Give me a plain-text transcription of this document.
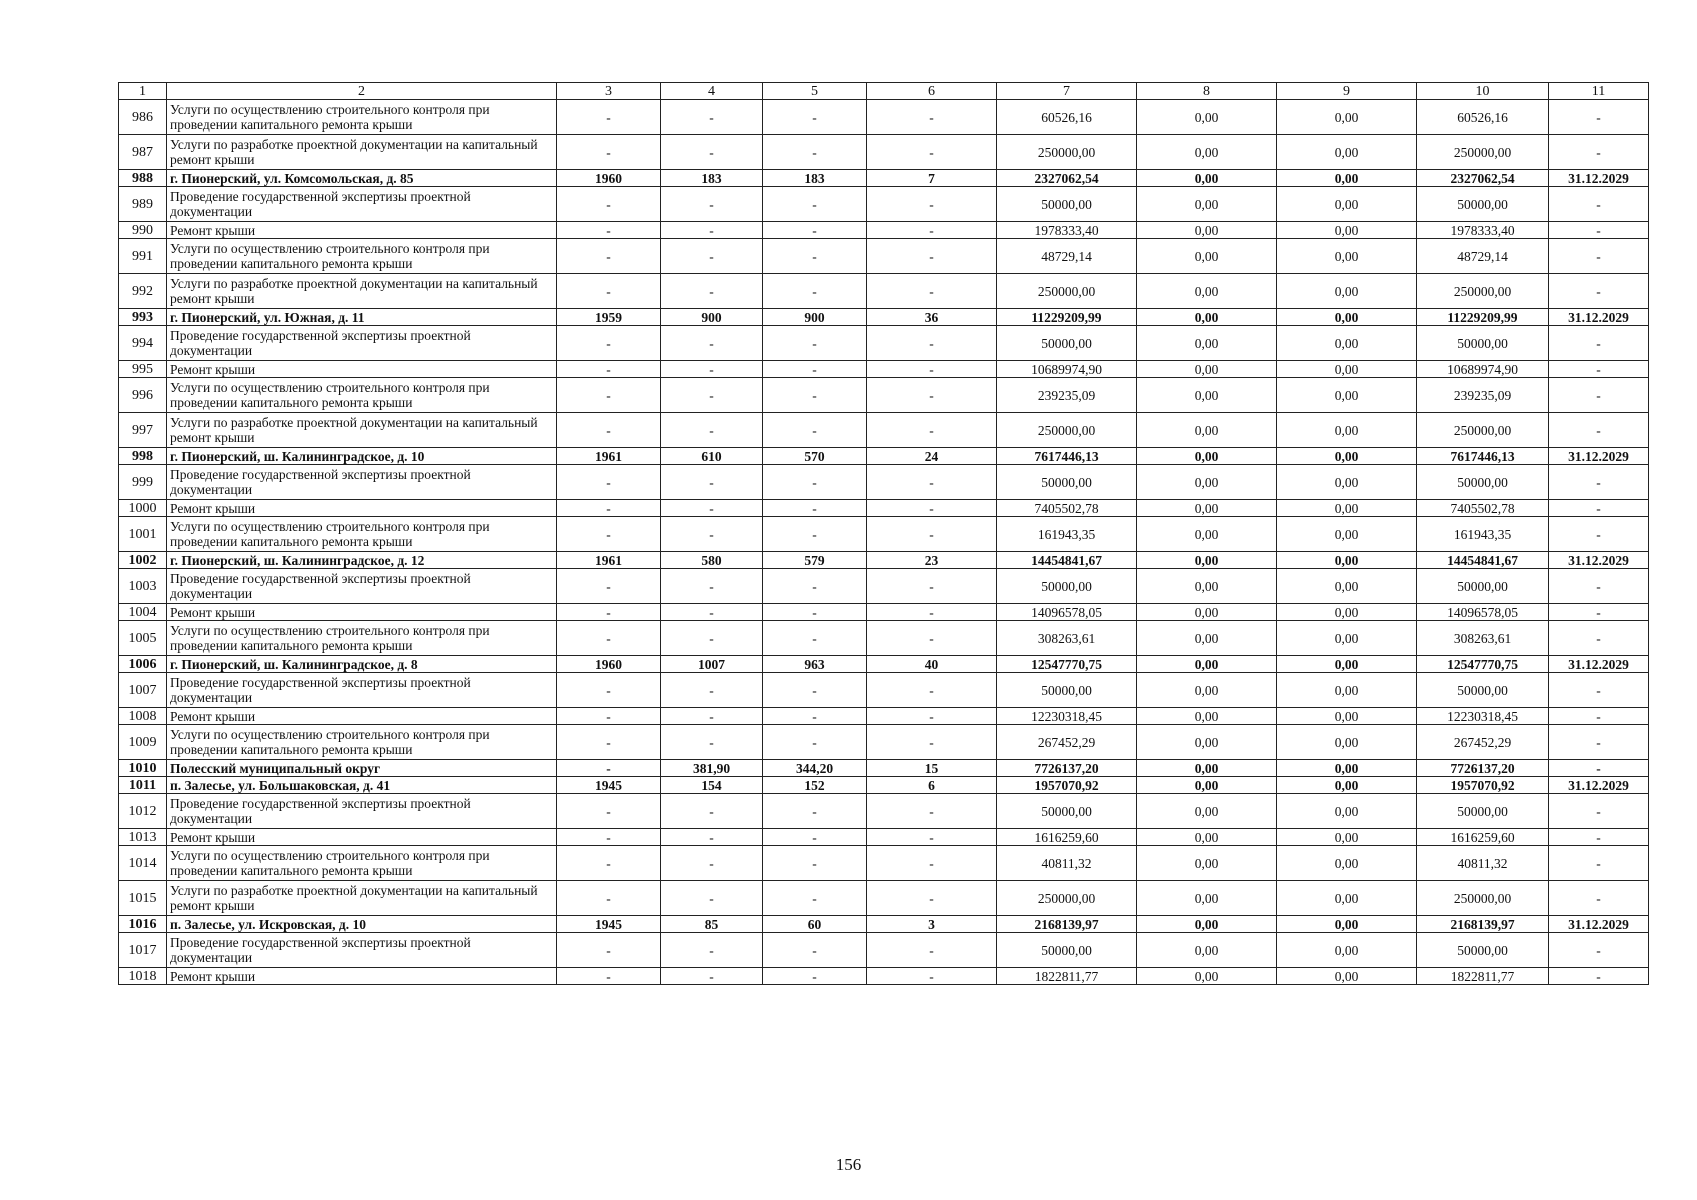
1	2	3	4	5	6	7	8	9	10	11
986	Услуги по осуществлению строительного контроля при проведении капитального ремонта крыши	-	-	-	-	60526,16	0,00	0,00	60526,16	-
987	Услуги по разработке проектной документации на капитальный ремонт крыши	-	-	-	-	250000,00	0,00	0,00	250000,00	-
988	г. Пионерский, ул. Комсомольская, д. 85	1960	183	183	7	2327062,54	0,00	0,00	2327062,54	31.12.2029
989	Проведение государственной экспертизы проектной документации	-	-	-	-	50000,00	0,00	0,00	50000,00	-
990	Ремонт крыши	-	-	-	-	1978333,40	0,00	0,00	1978333,40	-
991	Услуги по осуществлению строительного контроля при проведении капитального ремонта крыши	-	-	-	-	48729,14	0,00	0,00	48729,14	-
992	Услуги по разработке проектной документации на капитальный ремонт крыши	-	-	-	-	250000,00	0,00	0,00	250000,00	-
993	г. Пионерский, ул. Южная, д. 11	1959	900	900	36	11229209,99	0,00	0,00	11229209,99	31.12.2029
994	Проведение государственной экспертизы проектной документации	-	-	-	-	50000,00	0,00	0,00	50000,00	-
995	Ремонт крыши	-	-	-	-	10689974,90	0,00	0,00	10689974,90	-
996	Услуги по осуществлению строительного контроля при проведении капитального ремонта крыши	-	-	-	-	239235,09	0,00	0,00	239235,09	-
997	Услуги по разработке проектной документации на капитальный ремонт крыши	-	-	-	-	250000,00	0,00	0,00	250000,00	-
998	г. Пионерский, ш. Калининградское, д. 10	1961	610	570	24	7617446,13	0,00	0,00	7617446,13	31.12.2029
999	Проведение государственной экспертизы проектной документации	-	-	-	-	50000,00	0,00	0,00	50000,00	-
1000	Ремонт крыши	-	-	-	-	7405502,78	0,00	0,00	7405502,78	-
1001	Услуги по осуществлению строительного контроля при проведении капитального ремонта крыши	-	-	-	-	161943,35	0,00	0,00	161943,35	-
1002	г. Пионерский, ш. Калининградское, д. 12	1961	580	579	23	14454841,67	0,00	0,00	14454841,67	31.12.2029
1003	Проведение государственной экспертизы проектной документации	-	-	-	-	50000,00	0,00	0,00	50000,00	-
1004	Ремонт крыши	-	-	-	-	14096578,05	0,00	0,00	14096578,05	-
1005	Услуги по осуществлению строительного контроля при проведении капитального ремонта крыши	-	-	-	-	308263,61	0,00	0,00	308263,61	-
1006	г. Пионерский, ш. Калининградское, д. 8	1960	1007	963	40	12547770,75	0,00	0,00	12547770,75	31.12.2029
1007	Проведение государственной экспертизы проектной документации	-	-	-	-	50000,00	0,00	0,00	50000,00	-
1008	Ремонт крыши	-	-	-	-	12230318,45	0,00	0,00	12230318,45	-
1009	Услуги по осуществлению строительного контроля при проведении капитального ремонта крыши	-	-	-	-	267452,29	0,00	0,00	267452,29	-
1010	Полесский муниципальный округ	-	381,90	344,20	15	7726137,20	0,00	0,00	7726137,20	-
1011	п. Залесье, ул. Большаковская, д. 41	1945	154	152	6	1957070,92	0,00	0,00	1957070,92	31.12.2029
1012	Проведение государственной экспертизы проектной документации	-	-	-	-	50000,00	0,00	0,00	50000,00	-
1013	Ремонт крыши	-	-	-	-	1616259,60	0,00	0,00	1616259,60	-
1014	Услуги по осуществлению строительного контроля при проведении капитального ремонта крыши	-	-	-	-	40811,32	0,00	0,00	40811,32	-
1015	Услуги по разработке проектной документации на капитальный ремонт крыши	-	-	-	-	250000,00	0,00	0,00	250000,00	-
1016	п. Залесье, ул. Искровская, д. 10	1945	85	60	3	2168139,97	0,00	0,00	2168139,97	31.12.2029
1017	Проведение государственной экспертизы проектной документации	-	-	-	-	50000,00	0,00	0,00	50000,00	-
1018	Ремонт крыши	-	-	-	-	1822811,77	0,00	0,00	1822811,77	-
156
